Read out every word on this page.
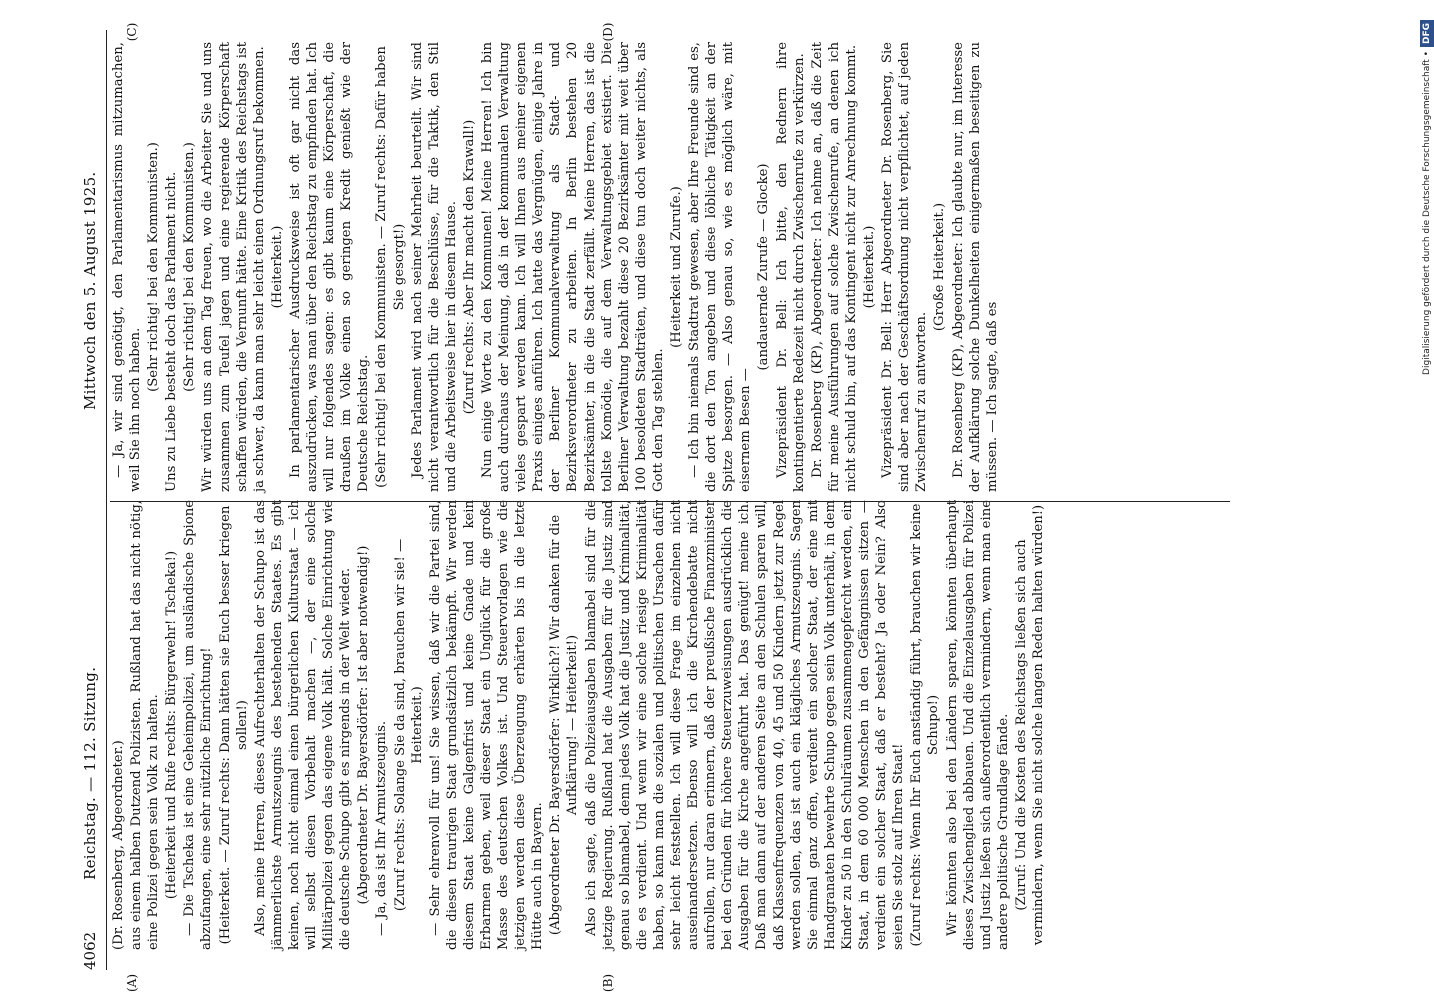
4062
Reichstag. — 112. Sitzung.
Mittwoch den 5. August 1925.
(A)	(B)
(C)	(D)

(Dr. Rosenberg, Abgeordneter.) aus einem halben Dutzend Polizisten. Rußland hat das nicht nötig, eine Polizei gegen sein Volk zu halten. (Heiterkeit und Rufe rechts: Bürgerwehr! Tscheka!) — Die Tscheka ist eine Geheimpolizei, um ausländische Spione abzufangen, eine sehr nützliche Einrichtung! (Heiterkeit. — Zuruf rechts: Dann hätten sie Euch besser kriegen sollen!) Also, meine Herren, dieses Aufrechterhalten der Schupo ist das jämmerlichste Armutszeugnis des bestehenden Staates. Es gibt keinen, noch nicht einmal einen bürgerlichen Kulturstaat — ich will selbst diesen Vorbehalt machen —, der eine solche Militärpolizei gegen das eigene Volk hält. Solche Einrichtung wie die deutsche Schupo gibt es nirgends in der Welt wieder. (Abgeordneter Dr. Bayersdörfer: Ist aber notwendig!) — Ja, das ist Ihr Armutszeugnis. (Zuruf rechts: Solange Sie da sind, brauchen wir sie! — Heiterkeit.) — Sehr ehrenvoll für uns! Sie wissen, daß wir die Partei sind, die diesen traurigen Staat grundsätzlich bekämpft. Wir werden diesem Staat keine Galgenfrist und keine Gnade und kein Erbarmen geben, weil dieser Staat ein Unglück für die große Masse des deutschen Volkes ist. Und Steuervorlagen wie die jetzigen werden diese Überzeugung erhärten bis in die letzte Hütte auch in Bayern. (Abgeordneter Dr. Bayersdörfer: Wirklich?! Wir danken für die Aufklärung! — Heiterkeit!) Also ich sagte, daß die Polizeiausgaben blamabel sind für die jetzige Regierung. Rußland hat die Ausgaben für die Justiz sind genau so blamabel, denn jedes Volk hat die Justiz und Kriminalität, die es verdient. Und wenn wir eine solche riesige Kriminalität haben, so kann man die sozialen und politischen Ursachen dafür sehr leicht feststellen. Ich will diese Frage im einzelnen nicht auseinandersetzen. Ebenso will ich die Kirchendebatte nicht aufrollen, nur daran erinnern, daß der preußische Finanzminister bei den Gründen für höhere Steuerzuweisungen ausdrücklich die Ausgaben für die Kirche angeführt hat. Das genügt! meine ich. Daß man dann auf der anderen Seite an den Schulen sparen will, daß Klassenfrequenzen von 40, 45 und 50 Kindern jetzt zur Regel werden sollen, das ist auch ein klägliches Armutszeugnis. Sagen Sie einmal ganz offen, verdient ein solcher Staat, der eine mit Handgranaten bewehrte Schupo gegen sein Volk unterhält, in dem Kinder zu 50 in den Schulräumen zusammengepfercht werden, ein Staat, in dem 60 000 Menschen in den Gefängnissen sitzen — verdient ein solcher Staat, daß er besteht? Ja oder Nein? Also seien Sie stolz auf Ihren Staat! (Zuruf rechts: Wenn Ihr Euch anständig führt, brauchen wir keine Schupo!) Wir könnten also bei den Ländern sparen, könnten überhaupt dieses Zwischenglied abbauen. Und die Einzelausgaben für Polizei und Justiz ließen sich außerordentlich vermindern, wenn man eine andere politische Grundlage fände. (Zuruf: Und die Kosten des Reichstags ließen sich auch vermindern, wenn Sie nicht solche langen Reden halten würden!)

— Ja, wir sind genötigt, den Parlamentarismus mitzumachen, weil Sie ihn noch haben.

(Sehr richtig! bei den Kommunisten.) Uns zu Liebe besteht doch das Parlament nicht. (Sehr richtig! bei den Kommunisten.) Wir würden uns an dem Tag freuen, wo die Arbeiter Sie und uns zusammen zum Teufel jagen und eine regierende Körperschaft schaffen würden, die Vernunft hätte. Eine Kritik des Reichstags ist ja schwer, da kann man sehr leicht einen Ordnungsruf bekommen. (Heiterkeit.) In parlamentarischer Ausdrucksweise ist oft gar nicht das auszudrücken, was man über den Reichstag zu empfinden hat. Ich will nur folgendes sagen: es gibt kaum eine Körperschaft, die draußen im Volke einen so geringen Kredit genießt wie der Deutsche Reichstag. (Sehr richtig! bei den Kommunisten. — Zuruf rechts: Dafür haben Sie gesorgt!) Jedes Parlament wird nach seiner Mehrheit beurteilt. Wir sind nicht verantwortlich für die Beschlüsse, für die Taktik, den Stil und die Arbeitsweise hier in diesem Hause. (Zuruf rechts: Aber Ihr macht den Krawall!) Nun einige Worte zu den Kommunen! Meine Herren! Ich bin auch durchaus der Meinung, daß in der kommunalen Verwaltung vieles gespart werden kann. Ich will Ihnen aus meiner eigenen Praxis einiges anführen. Ich hatte das Vergnügen, einige Jahre in der Berliner Kommunalverwaltung als Stadt- und Bezirksverordneter zu arbeiten. In Berlin bestehen 20 Bezirksämter, in die die Stadt zerfällt. Meine Herren, das ist die tollste Komödie, die auf dem Verwaltungsgebiet existiert. Die Berliner Verwaltung bezahlt diese 20 Bezirksämter mit weit über 100 besoldeten Stadträten, und diese tun doch weiter nichts, als Gott den Tag stehlen.

(Heiterkeit und Zurufe.) — Ich bin niemals Stadtrat gewesen, aber Ihre Freunde sind es, die dort den Ton angeben und diese löbliche Tätigkeit an der Spitze besorgen. — Also genau so, wie es möglich wäre, mit eisernem Besen —

(andauernde Zurufe — Glocke) Vizepräsident Dr. Bell: Ich bitte, den Rednern ihre kontingentierte Redezeit nicht durch Zwischenrufe zu verkürzen. Dr. Rosenberg (KP), Abgeordneter: Ich nehme an, daß die Zeit für meine Ausführungen auf solche Zwischenrufe, an denen ich nicht schuld bin, auf das Kontingent nicht zur Anrechnung kommt. (Heiterkeit.) Vizepräsident Dr. Bell: Herr Abgeordneter Dr. Rosenberg, Sie sind aber nach der Geschäftsordnung nicht verpflichtet, auf jeden Zwischenruf zu antworten.

(Große Heiterkeit.) Dr. Rosenberg (KP), Abgeordneter: Ich glaubte nur, im Interesse der Aufklärung solche Dunkelheiten einigermaßen beseitigen zu müssen. — Ich sagte, daß es

Digitalisierung gefördert durch die Deutsche Forschungsgemeinschaft •DFG
